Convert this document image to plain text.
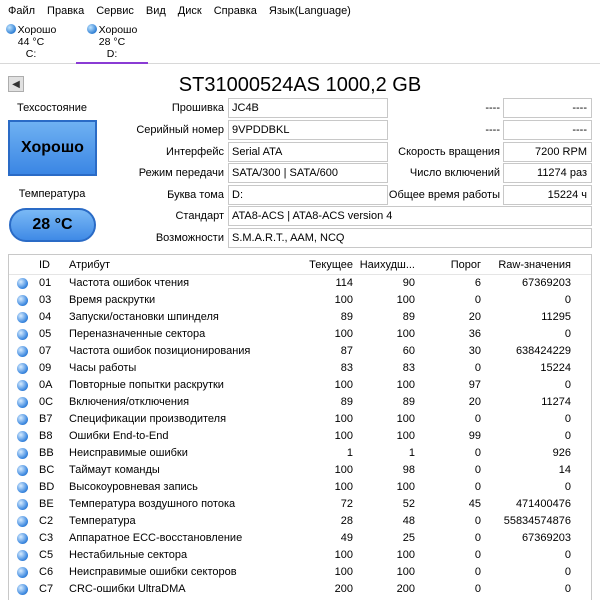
Файл	Правка	Сервис	Вид	Диск	Справка	Язык(Language)
Хорошо
44 °C
C:
Хорошо
28 °C
D:
ST31000524AS 1000,2 GB
◀
Техсостояние
Хорошо
Температура
28 °C
Прошивка JC4B
Серийный номер 9VPDDBKL
Интерфейс Serial ATA
Режим передачи SATA/300 | SATA/600
Буква тома D:
Стандарт ATA8-ACS | ATA8-ACS version 4
Возможности S.M.A.R.T., AAM, NCQ
----	----
----	----
Скорость вращения	7200 RPM
Число включений	11274 раз
Общее время работы	15224 ч
ID	Атрибут	Текущее Наихудш...	Порог	Raw-значения
01	Частота ошибок чтения	114	90	6	67369203
03	Время раскрутки	100	100	0	0
04	Запуски/остановки шпинделя	89	89	20	11295
05	Переназначенные сектора	100	100	36	0
07	Частота ошибок позиционирования	87	60	30	638424229
09	Часы работы	83	83	0	15224
0A	Повторные попытки раскрутки	100	100	97	0
0C	Включения/отключения	89	89	20	11274
B7	Спецификации производителя	100	100	0	0
B8	Ошибки End-to-End	100	100	99	0
BB	Неисправимые ошибки	1	1	0	926
BC	Таймаут команды	100	98	0	14
BD	Высокоуровневая запись	100	100	0	0
BE	Температура воздушного потока	72	52	45	471400476
C2	Температура	28	48	0	55834574876
C3	Аппаратное ECC-восстановление	49	25	0	67369203
C5	Нестабильные сектора	100	100	0	0
C6	Неисправимые ошибки секторов	100	100	0	0
C7	CRC-ошибки UltraDMA	200	200	0	0
